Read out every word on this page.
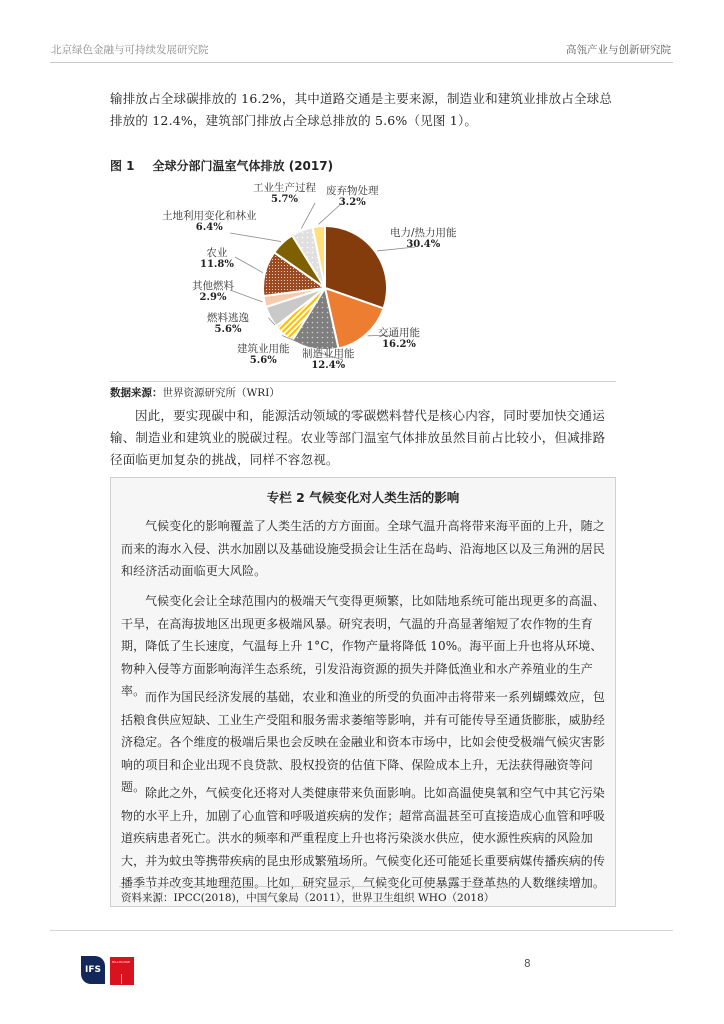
北京绿色金融与可持续发展研究院	高瓴产业与创新研究院
输排放占全球碳排放的 16.2%，其中道路交通是主要来源，制造业和建筑业排放占全球总排放的 12.4%，建筑部门排放占全球总排放的 5.6%（见图 1）。
图 1 全球分部门温室气体排放 (2017)
电力/热力用能
30.4%
交通用能
16.2%
制造业用能
12.4%
建筑业用能
5.6%
燃料逃逸
5.6%
其他燃料
2.9%
农业
11.8%
土地利用变化和林业
6.4%
工业生产过程
5.7%
废弃物处理
3.2%
数据来源：世界资源研究所（WRI）
因此，要实现碳中和，能源活动领域的零碳燃料替代是核心内容，同时要加快交通运输、制造业和建筑业的脱碳过程。农业等部门温室气体排放虽然目前占比较小，但减排路径面临更加复杂的挑战，同样不容忽视。
专栏 2 气候变化对人类生活的影响

气候变化的影响覆盖了人类生活的方方面面。全球气温升高将带来海平面的上升，随之而来的海水入侵、洪水加剧以及基础设施受损会让生活在岛屿、沿海地区以及三角洲的居民和经济活动面临更大风险。

气候变化会让全球范围内的极端天气变得更频繁，比如陆地系统可能出现更多的高温、干旱，在高海拔地区出现更多极端风暴。研究表明，气温的升高显著缩短了农作物的生育期，降低了生长速度，气温每上升 1°C，作物产量将降低 10%。海平面上升也将从环境、物种入侵等方面影响海洋生态系统，引发沿海资源的损失并降低渔业和水产养殖业的生产率。 而作为国民经济发展的基础，农业和渔业的所受的负面冲击将带来一系列蝴蝶效应，包括粮食供应短缺、工业生产受阻和服务需求萎缩等影响，并有可能传导至通货膨胀，威胁经济稳定。各个维度的极端后果也会反映在金融业和资本市场中，比如会使受极端气候灾害影响的项目和企业出现不良贷款、股权投资的估值下降、保险成本上升，无法获得融资等问题。 除此之外，气候变化还将对人类健康带来负面影响。比如高温使臭氧和空气中其它污染物的水平上升，加剧了心血管和呼吸道疾病的发作；超常高温甚至可直接造成心血管和呼吸道疾病患者死亡。洪水的频率和严重程度上升也将污染淡水供应，使水源性疾病的风险加大，并为蚊虫等携带疾病的昆虫形成繁殖场所。气候变化还可能延长重要病媒传播疾病的传播季节并改变其地理范围。比如，研究显示，气候变化可使暴露于登革热的人数继续增加。

资料来源：IPCC(2018)，中国气象局（2011），世界卫生组织 WHO（2018）
IFS
HILLHOUSE	8
